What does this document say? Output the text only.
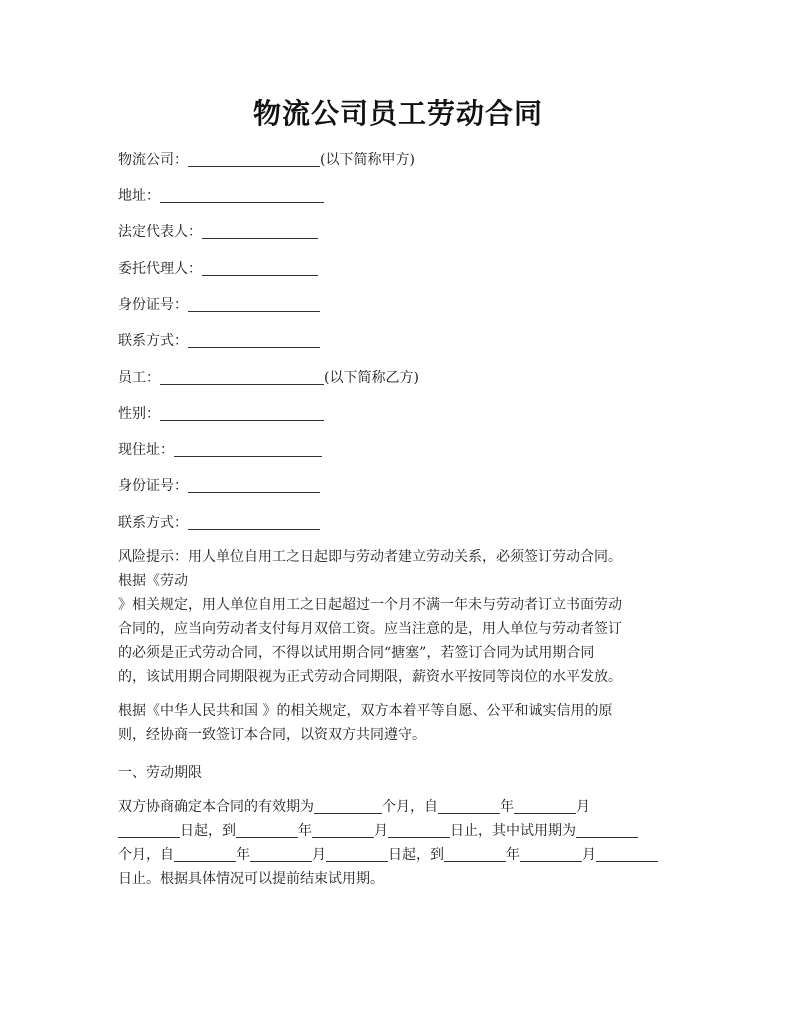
物流公司员工劳动合同
物流公司：	(以下简称甲方)
地址：
法定代表人：
委托代理人：
身份证号：
联系方式：
员工：	(以下简称乙方)
性别：
现住址：
身份证号：
联系方式：
风险提示：用人单位自用工之日起即与劳动者建立劳动关系，必须签订劳动合同。
根据《劳动
》相关规定，用人单位自用工之日起超过一个月不满一年未与劳动者订立书面劳动
合同的，应当向劳动者支付每月双倍工资。应当注意的是，用人单位与劳动者签订
的必须是正式劳动合同，不得以试用期合同“搪塞”，若签订合同为试用期合同
的，该试用期合同期限视为正式劳动合同期限，薪资水平按同等岗位的水平发放。
根据《中华人民共和国 》的相关规定，双方本着平等自愿、公平和诚实信用的原
则，经协商一致签订本合同，以资双方共同遵守。
一、劳动期限
双方协商确定本合同的有效期为	个月，自	年	月
日起，到	年	月	日止，其中试用期为
个月，自	年	月	日起，到	年	月
日止。根据具体情况可以提前结束试用期。
